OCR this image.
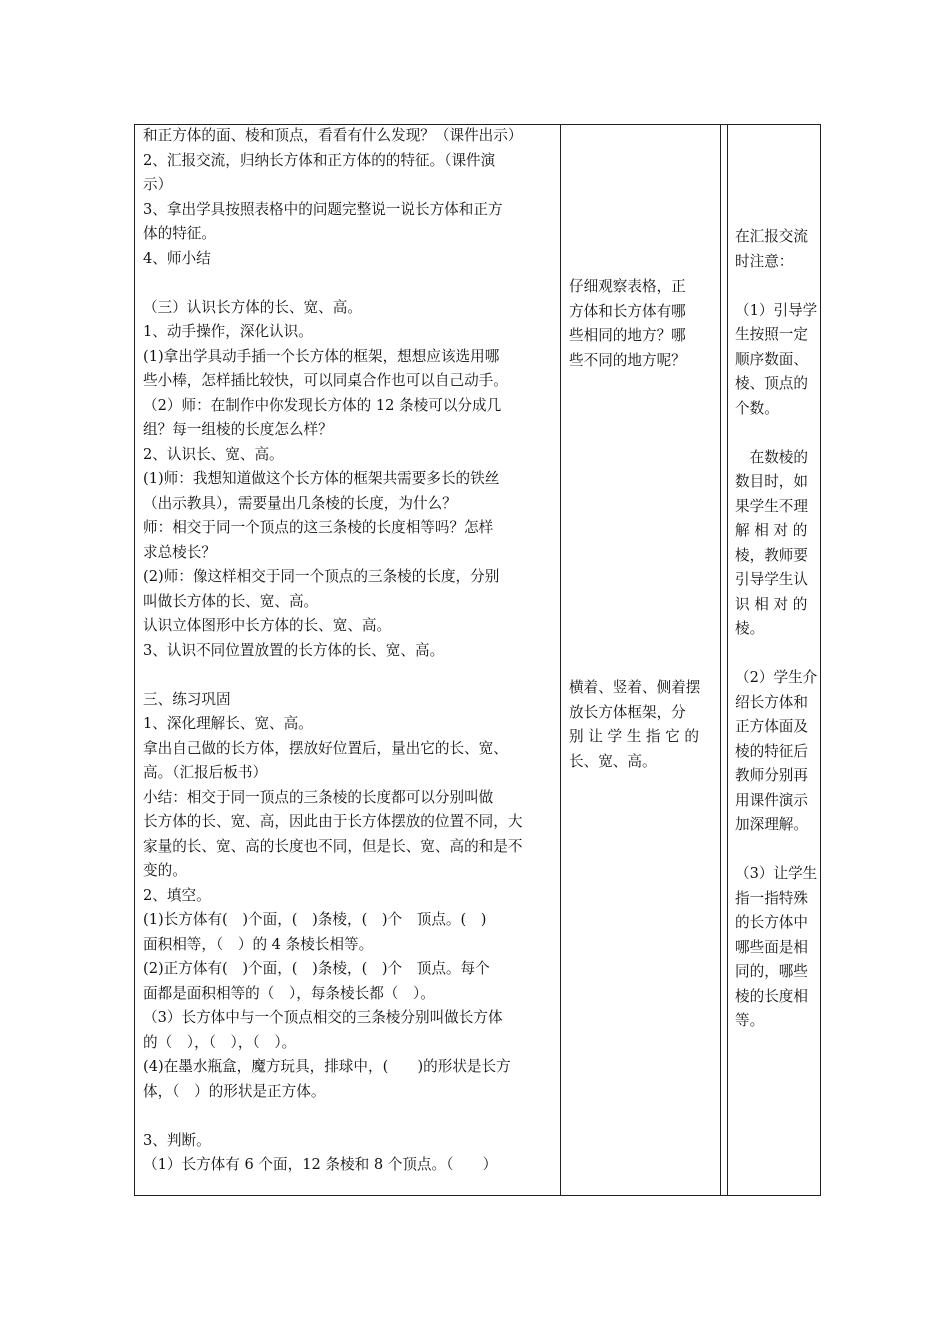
和正方体的面、棱和顶点，看看有什么发现？（课件出示）
2、汇报交流，归纳长方体和正方体的的特征。（课件演
示）
3、拿出学具按照表格中的问题完整说一说长方体和正方
体的特征。
4、师小结
（三）认识长方体的长、宽、高。
1、动手操作，深化认识。
(1)拿出学具动手插一个长方体的框架，想想应该选用哪
些小棒，怎样插比较快，可以同桌合作也可以自己动手。
（2）师：在制作中你发现长方体的 12 条棱可以分成几
组？每一组棱的长度怎么样？
2、认识长、宽、高。
(1)师：我想知道做这个长方体的框架共需要多长的铁丝
（出示教具），需要量出几条棱的长度，为什么？
师：相交于同一个顶点的这三条棱的长度相等吗？怎样
求总棱长？
(2)师：像这样相交于同一个顶点的三条棱的长度，分别
叫做长方体的长、宽、高。
认识立体图形中长方体的长、宽、高。
3、认识不同位置放置的长方体的长、宽、高。
三、练习巩固
1、深化理解长、宽、高。
拿出自己做的长方体，摆放好位置后，量出它的长、宽、
高。（汇报后板书）
小结：相交于同一顶点的三条棱的长度都可以分别叫做
长方体的长、宽、高，因此由于长方体摆放的位置不同，大
家量的长、宽、高的长度也不同，但是长、宽、高的和是不
变的。
2、填空。
(1)长方体有(　)个面，(　)条棱，(　)个　顶点。(　)
面积相等，（　）的 4 条棱长相等。
(2)正方体有(　)个面，(　)条棱，(　)个　顶点。每个
面都是面积相等的（　），每条棱长都（　）。
（3）长方体中与一个顶点相交的三条棱分别叫做长方体
的（　），（　），（　）。
(4)在墨水瓶盒，魔方玩具，排球中，(　　)的形状是长方
体，（　）的形状是正方体。
3、判断。
（1）长方体有 6 个面，12 条棱和 8 个顶点。（　　）
仔细观察表格，正
方体和长方体有哪
些相同的地方？哪
些不同的地方呢？
横着、竖着、侧着摆
放长方体框架，分
别 让 学 生 指 它 的
长、宽、高。
在汇报交流
时注意：
（1）引导学
生按照一定
顺序数面、
棱、顶点的
个数。
　在数棱的
数目时，如
果学生不理
解 相 对 的
棱，教师要
引导学生认
识 相 对 的
棱。
（2）学生介
绍长方体和
正方体面及
棱的特征后
教师分别再
用课件演示
加深理解。
（3）让学生
指一指特殊
的长方体中
哪些面是相
同的，哪些
棱的长度相
等。
